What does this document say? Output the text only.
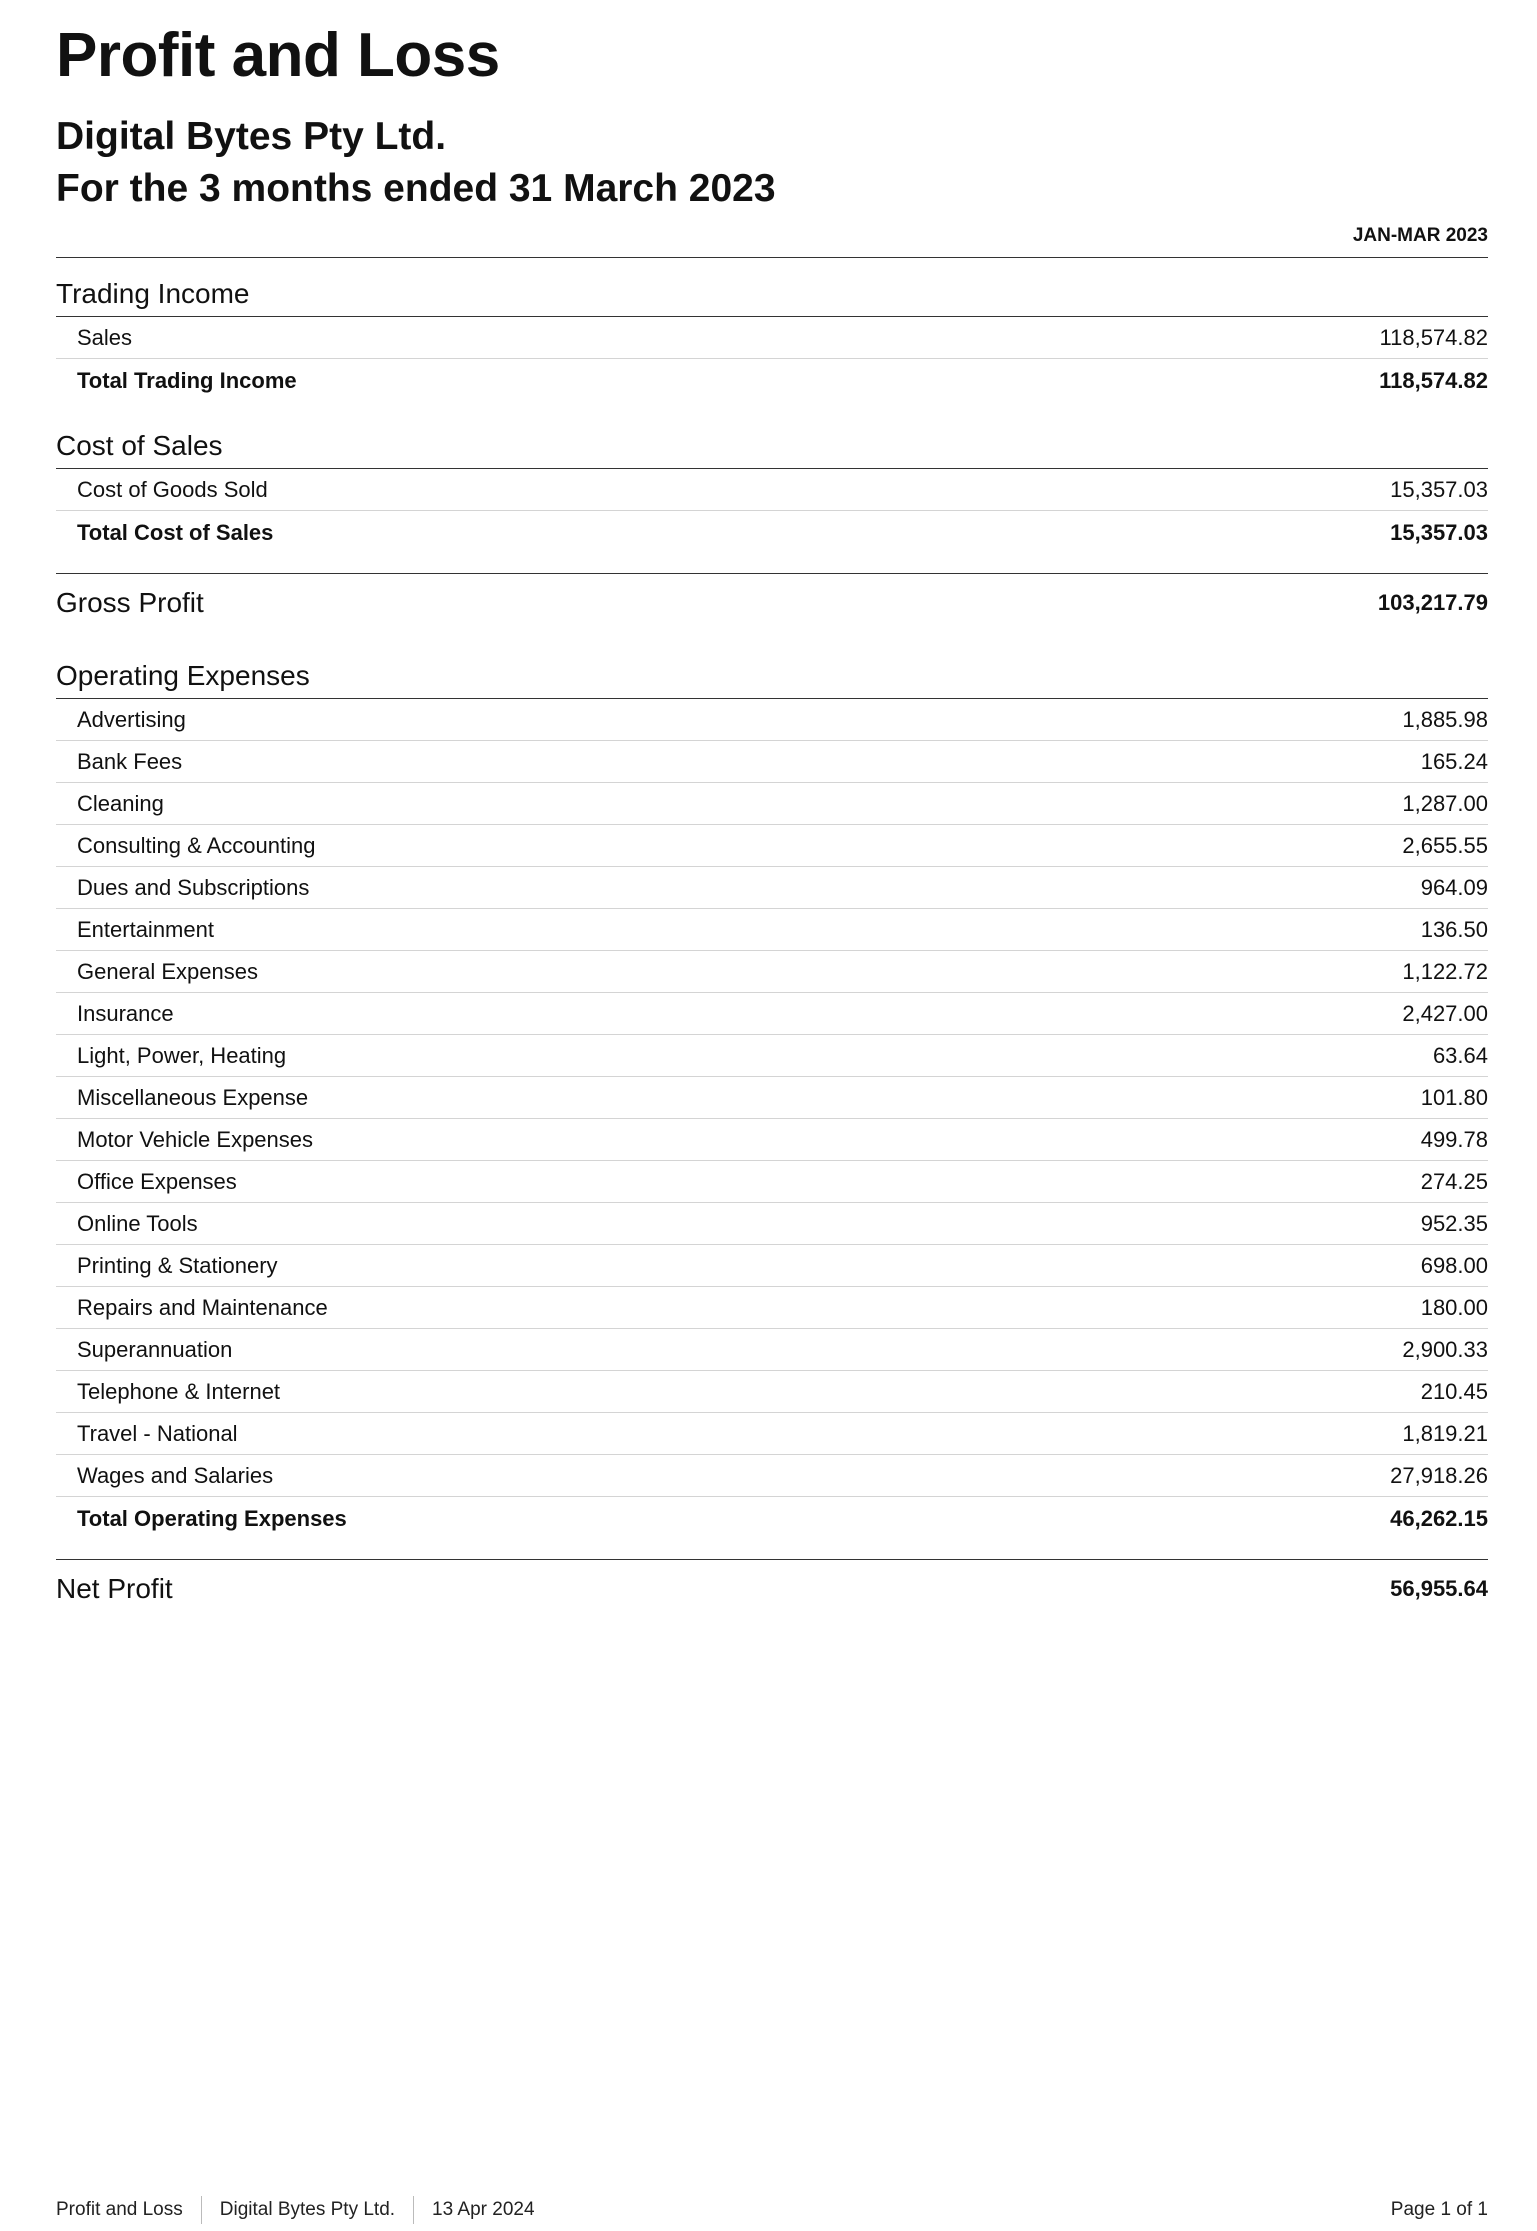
Profit and Loss
Digital Bytes Pty Ltd.
For the 3 months ended 31 March 2023
JAN-MAR 2023
Trading Income
Sales	118,574.82
Total Trading Income	118,574.82
Cost of Sales
Cost of Goods Sold	15,357.03
Total Cost of Sales	15,357.03
Gross Profit	103,217.79
Operating Expenses
Advertising	1,885.98
Bank Fees	165.24
Cleaning	1,287.00
Consulting & Accounting	2,655.55
Dues and Subscriptions	964.09
Entertainment	136.50
General Expenses	1,122.72
Insurance	2,427.00
Light, Power, Heating	63.64
Miscellaneous Expense	101.80
Motor Vehicle Expenses	499.78
Office Expenses	274.25
Online Tools	952.35
Printing & Stationery	698.00
Repairs and Maintenance	180.00
Superannuation	2,900.33
Telephone & Internet	210.45
Travel - National	1,819.21
Wages and Salaries	27,918.26
Total Operating Expenses	46,262.15
Net Profit	56,955.64
Profit and Loss	Digital Bytes Pty Ltd.	13 Apr 2024	Page 1 of 1
